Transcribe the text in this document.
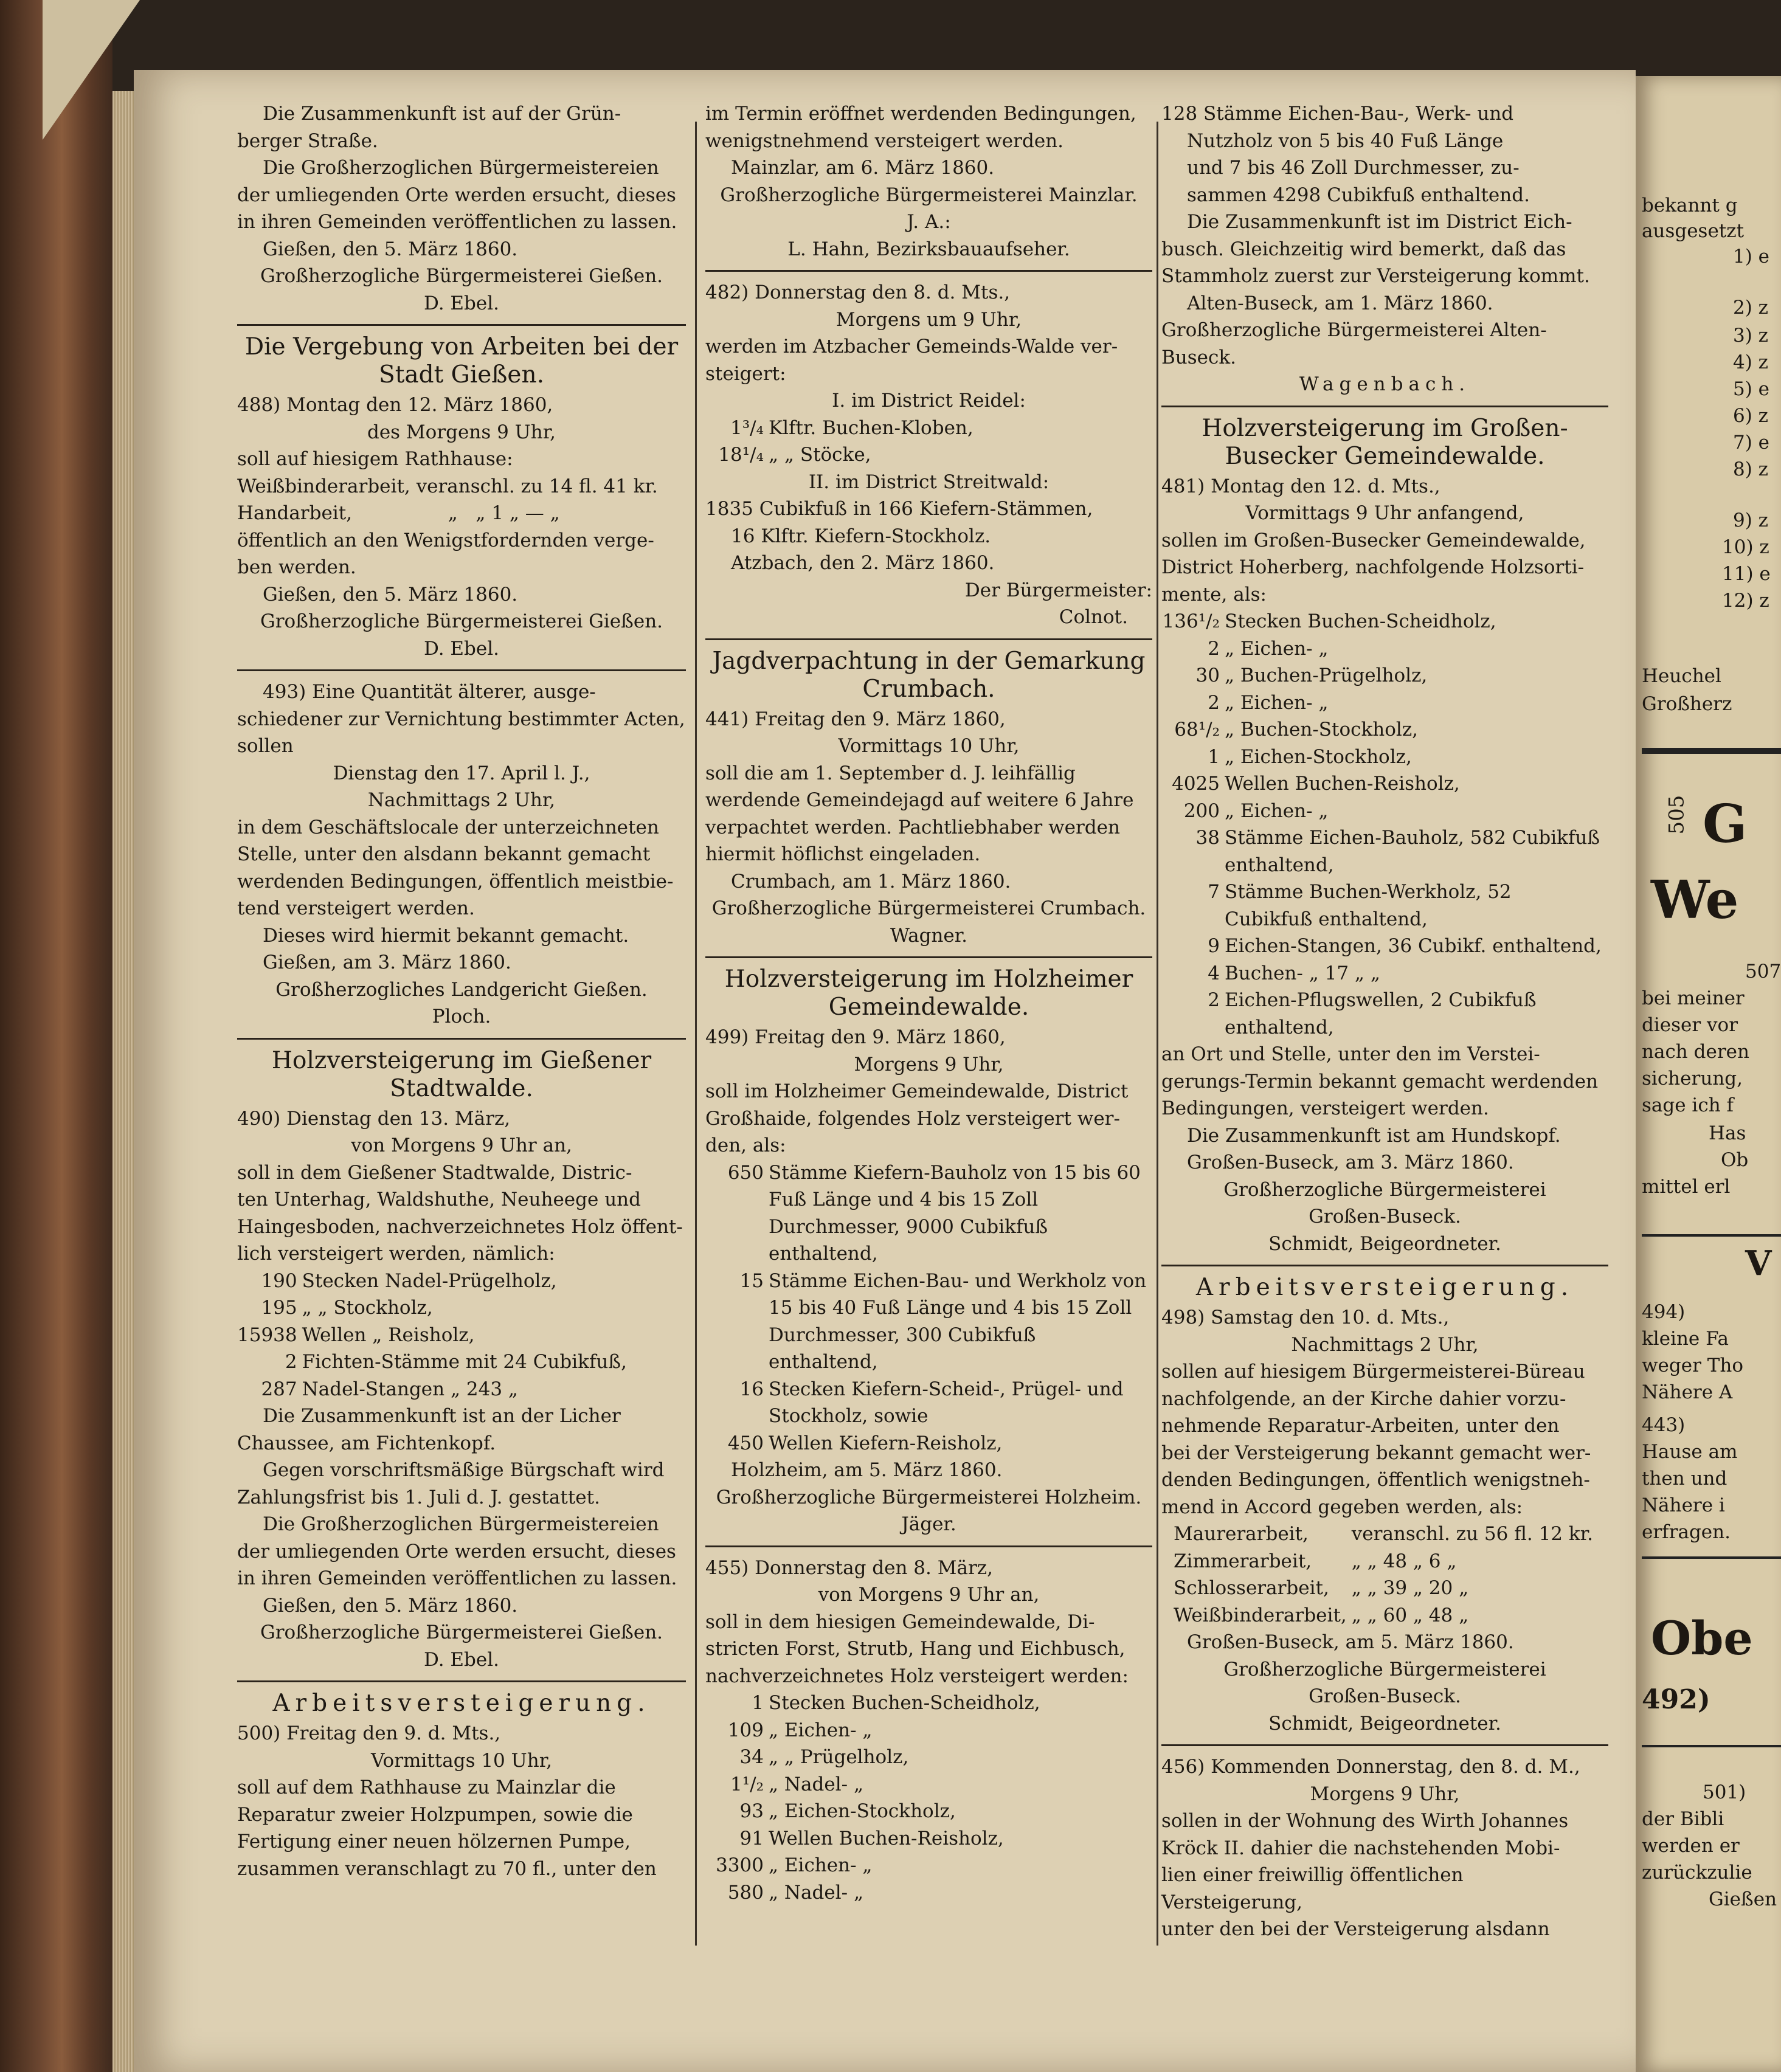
Die Zusammenkunft ist auf der Grün-

berger Straße.

Die Großherzoglichen Bürgermeistereien

der umliegenden Orte werden ersucht, dieses

in ihren Gemeinden veröffentlichen zu lassen.

Gießen, den 5. März 1860.

Großherzogliche Bürgermeisterei Gießen.

D. Ebel.

Die Vergebung von Arbeiten bei der Stadt Gießen.

488) Montag den 12. März 1860,

des Morgens 9 Uhr,

soll auf hiesigem Rathhause:

Weißbinderarbeit, veranschl. zu 14 fl. 41 kr.

Handarbeit,                „   „ 1 „ — „

öffentlich an den Wenigstfordernden verge-

ben werden.

Gießen, den 5. März 1860.

Großherzogliche Bürgermeisterei Gießen.

D. Ebel.

493) Eine Quantität älterer, ausge-

schiedener zur Vernichtung bestimmter Acten,

sollen

Dienstag den 17. April l. J.,

Nachmittags 2 Uhr,

in dem Geschäftslocale der unterzeichneten

Stelle, unter den alsdann bekannt gemacht

werdenden Bedingungen, öffentlich meistbie-

tend versteigert werden.

Dieses wird hiermit bekannt gemacht.

Gießen, am 3. März 1860.

Großherzogliches Landgericht Gießen.

Ploch.

Holzversteigerung im Gießener Stadtwalde.

490) Dienstag den 13. März,

von Morgens 9 Uhr an,

soll in dem Gießener Stadtwalde, Distric-

ten Unterhag, Waldshuthe, Neuheege und

Haingesboden, nachverzeichnetes Holz öffent-

lich versteigert werden, nämlich:

190	Stecken Nadel-Prügelholz,
195	„ „ Stockholz,
15938	Wellen „ Reisholz,
2	Fichten-Stämme mit 24 Cubikfuß,
287	Nadel-Stangen „ 243 „

Die Zusammenkunft ist an der Licher

Chaussee, am Fichtenkopf.

Gegen vorschriftsmäßige Bürgschaft wird

Zahlungsfrist bis 1. Juli d. J. gestattet.

Die Großherzoglichen Bürgermeistereien

der umliegenden Orte werden ersucht, dieses

in ihren Gemeinden veröffentlichen zu lassen.

Gießen, den 5. März 1860.

Großherzogliche Bürgermeisterei Gießen.

D. Ebel.

Arbeitsversteigerung.

500) Freitag den 9. d. Mts.,

Vormittags 10 Uhr,

soll auf dem Rathhause zu Mainzlar die

Reparatur zweier Holzpumpen, sowie die

Fertigung einer neuen hölzernen Pumpe,

zusammen veranschlagt zu 70 fl., unter den

im Termin eröffnet werdenden Bedingungen,

wenigstnehmend versteigert werden.

Mainzlar, am 6. März 1860.

Großherzogliche Bürgermeisterei Mainzlar.

J. A.:

L. Hahn, Bezirksbauaufseher.

482) Donnerstag den 8. d. Mts.,

Morgens um 9 Uhr,

werden im Atzbacher Gemeinds-Walde ver-

steigert:

I. im District Reidel:

1³/₄	Klftr. Buchen-Kloben,
18¹/₄	„ „ Stöcke,

II. im District Streitwald:

1835 Cubikfuß in 166 Kiefern-Stämmen,

16 Klftr. Kiefern-Stockholz.

Atzbach, den 2. März 1860.

Der Bürgermeister:

Colnot.

Jagdverpachtung in der Gemarkung Crumbach.

441) Freitag den 9. März 1860,

Vormittags 10 Uhr,

soll die am 1. September d. J. leihfällig

werdende Gemeindejagd auf weitere 6 Jahre

verpachtet werden. Pachtliebhaber werden

hiermit höflichst eingeladen.

Crumbach, am 1. März 1860.

Großherzogliche Bürgermeisterei Crumbach.

Wagner.

Holzversteigerung im Holzheimer Gemeindewalde.

499) Freitag den 9. März 1860,

Morgens 9 Uhr,

soll im Holzheimer Gemeindewalde, District

Großhaide, folgendes Holz versteigert wer-

den, als:

650	Stämme Kiefern-Bauholz von 15 bis 60 Fuß Länge und 4 bis 15 Zoll Durchmesser, 9000 Cubikfuß enthaltend,
15	Stämme Eichen-Bau- und Werkholz von 15 bis 40 Fuß Länge und 4 bis 15 Zoll Durchmesser, 300 Cubikfuß enthaltend,
16	Stecken Kiefern-Scheid-, Prügel- und Stockholz, sowie
450	Wellen Kiefern-Reisholz,

Holzheim, am 5. März 1860.

Großherzogliche Bürgermeisterei Holzheim.

Jäger.

455) Donnerstag den 8. März,

von Morgens 9 Uhr an,

soll in dem hiesigen Gemeindewalde, Di-

stricten Forst, Strutb, Hang und Eichbusch,

nachverzeichnetes Holz versteigert werden:

1	Stecken Buchen-Scheidholz,
109	„ Eichen- „
34	„ „ Prügelholz,
1¹/₂	„ Nadel- „
93	„ Eichen-Stockholz,
91	Wellen Buchen-Reisholz,
3300	„ Eichen- „
580	„ Nadel- „

128 Stämme Eichen-Bau-, Werk- und

Nutzholz von 5 bis 40 Fuß Länge

und 7 bis 46 Zoll Durchmesser, zu-

sammen 4298 Cubikfuß enthaltend.

Die Zusammenkunft ist im District Eich-

busch. Gleichzeitig wird bemerkt, daß das

Stammholz zuerst zur Versteigerung kommt.

Alten-Buseck, am 1. März 1860.

Großherzogliche Bürgermeisterei Alten-Buseck.

Wagenbach.

Holzversteigerung im Großen-Busecker Gemeindewalde.

481) Montag den 12. d. Mts.,

Vormittags 9 Uhr anfangend,

sollen im Großen-Busecker Gemeindewalde,

District Hoherberg, nachfolgende Holzsorti-

mente, als:

136¹/₂	Stecken Buchen-Scheidholz,
2	„ Eichen- „
30	„ Buchen-Prügelholz,
2	„ Eichen- „
68¹/₂	„ Buchen-Stockholz,
1	„ Eichen-Stockholz,
4025	Wellen Buchen-Reisholz,
200	„ Eichen- „
38	Stämme Eichen-Bauholz, 582 Cubikfuß enthaltend,
7	Stämme Buchen-Werkholz, 52 Cubikfuß enthaltend,
9	Eichen-Stangen, 36 Cubikf. enthaltend,
4	Buchen- „ 17 „ „
2	Eichen-Pflugswellen, 2 Cubikfuß enthaltend,

an Ort und Stelle, unter den im Verstei-

gerungs-Termin bekannt gemacht werdenden

Bedingungen, versteigert werden.

Die Zusammenkunft ist am Hundskopf.

Großen-Buseck, am 3. März 1860.

Großherzogliche Bürgermeisterei

Großen-Buseck.

Schmidt, Beigeordneter.

Arbeitsversteigerung.

498) Samstag den 10. d. Mts.,

Nachmittags 2 Uhr,

sollen auf hiesigem Bürgermeisterei-Büreau

nachfolgende, an der Kirche dahier vorzu-

nehmende Reparatur-Arbeiten, unter den

bei der Versteigerung bekannt gemacht wer-

denden Bedingungen, öffentlich wenigstneh-

mend in Accord gegeben werden, als:

Maurerarbeit,	veranschl. zu 56 fl. 12 kr.
Zimmerarbeit,	„ „ 48 „ 6 „
Schlosserarbeit,	„ „ 39 „ 20 „
Weißbinderarbeit,	„ „ 60 „ 48 „

Großen-Buseck, am 5. März 1860.

Großherzogliche Bürgermeisterei

Großen-Buseck.

Schmidt, Beigeordneter.

456) Kommenden Donnerstag, den 8. d. M.,

Morgens 9 Uhr,

sollen in der Wohnung des Wirth Johannes

Kröck II. dahier die nachstehenden Mobi-

lien einer freiwillig öffentlichen Versteigerung,

unter den bei der Versteigerung alsdann

505
bekannt g
ausgesetzt
1) e
2) z
3) z
4) z
5) e
6) z
7) e
8) z
9) z
10) z
11) e
12) z
Heuchel
Großherz
G
We
507
bei meiner
dieser vor
nach deren
sicherung,
sage ich f
Has
Ob
mittel erl
V
494)
kleine Fa
weger Tho
Nähere A
443)
Hause am
then und
Nähere i
erfragen.
Obe
492)
501)
der Bibli
werden er
zurückzulie
Gießen
